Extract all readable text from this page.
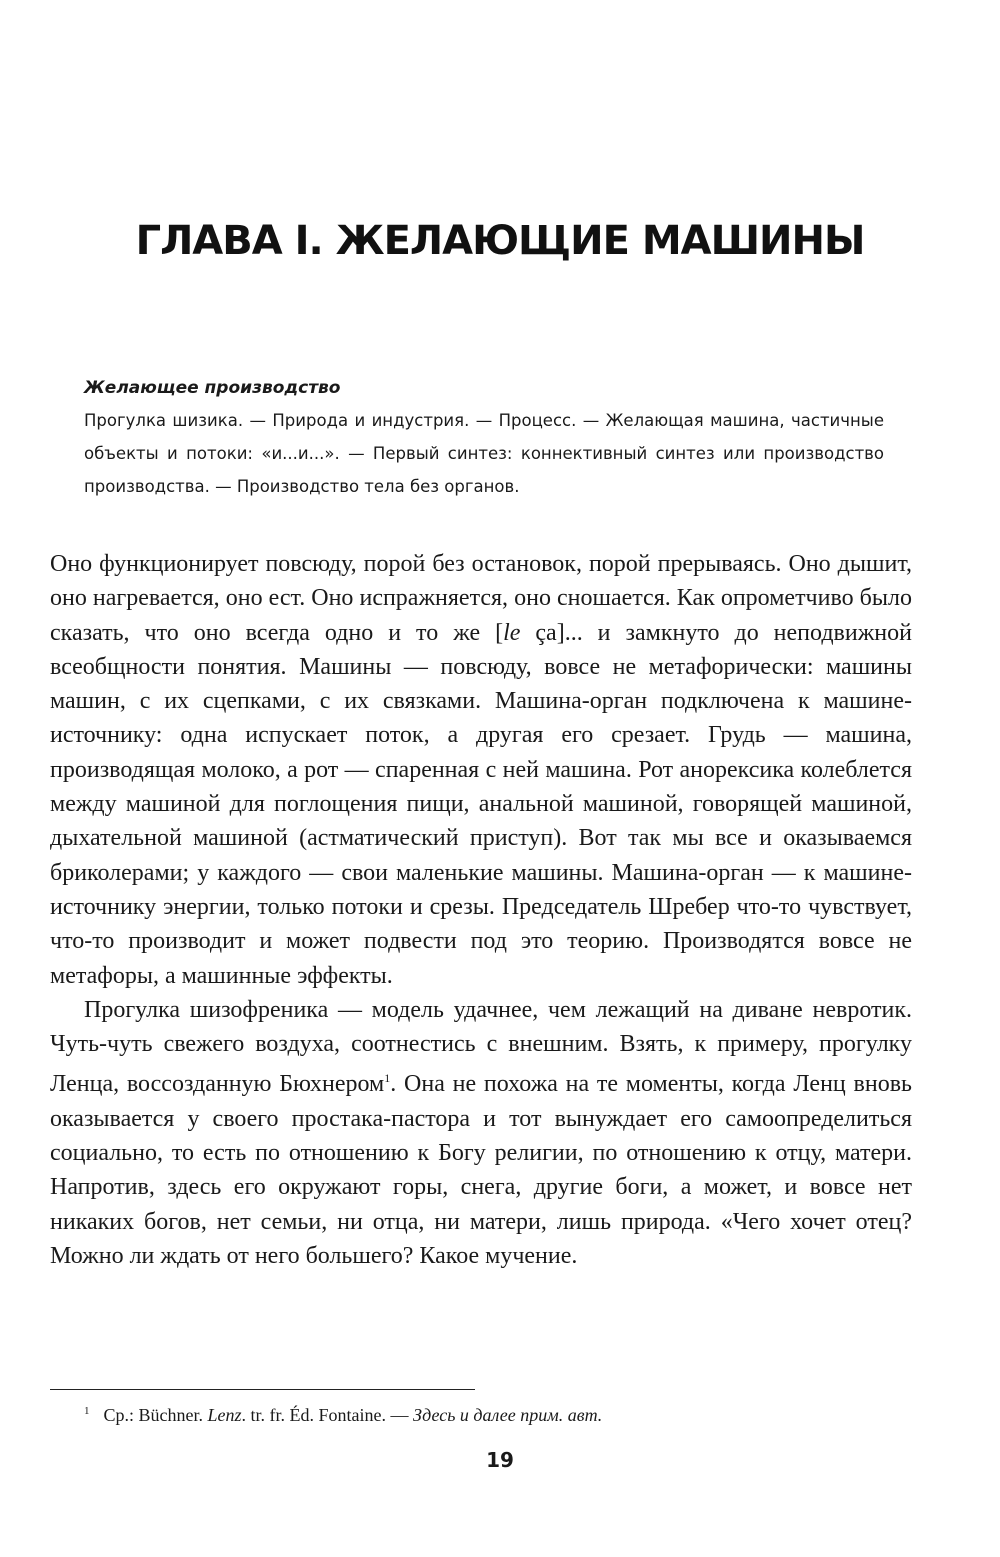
ГЛАВА I. ЖЕЛАЮЩИЕ МАШИНЫ
Желающее производство

Прогулка шизика. — Природа и индустрия. — Процесс. — Желающая машина, частичные объекты и потоки: «и...и...». — Первый синтез: коннективный синтез или производство производства. — Производство тела без органов.

Оно функционирует повсюду, порой без остановок, порой прерываясь. Оно дышит, оно нагревается, оно ест. Оно испражняется, оно сношается. Как опрометчиво было сказать, что оно всегда одно и то же [le ça]... и замкнуто до неподвижной всеобщности понятия. Машины — повсюду, вовсе не метафорически: машины машин, с их сцепками, с их связками. Машина-орган подключена к машине-источнику: одна испускает поток, а другая его срезает. Грудь — машина, производящая молоко, а рот — спаренная с ней машина. Рот анорексика колеблется между машиной для поглощения пищи, анальной машиной, говорящей машиной, дыхательной машиной (астматический приступ). Вот так мы все и оказываемся бриколерами; у каждого — свои маленькие машины. Машина-орган — к машине-источнику энергии, только потоки и срезы. Председатель Шребер что-то чувствует, что-то производит и может подвести под это теорию. Производятся вовсе не метафоры, а машинные эффекты.

Прогулка шизофреника — модель удачнее, чем лежащий на диване невротик. Чуть-чуть свежего воздуха, соотнестись с внешним. Взять, к примеру, прогулку Ленца, воссозданную Бюхнером$^1$. Она не похожа на те моменты, когда Ленц вновь оказывается у своего простака-пастора и тот вынуждает его самоопределиться социально, то есть по отношению к Богу религии, по отношению к отцу, матери. Напротив, здесь его окружают горы, снега, другие боги, а может, и вовсе нет никаких богов, нет семьи, ни отца, ни матери, лишь природа. «Чего хочет отец? Можно ли ждать от него большего? Какое мучение.

$^1$ Ср.: Büchner. Lenz. tr. fr. Éd. Fontaine. — Здесь и далее прим. авт.
19
